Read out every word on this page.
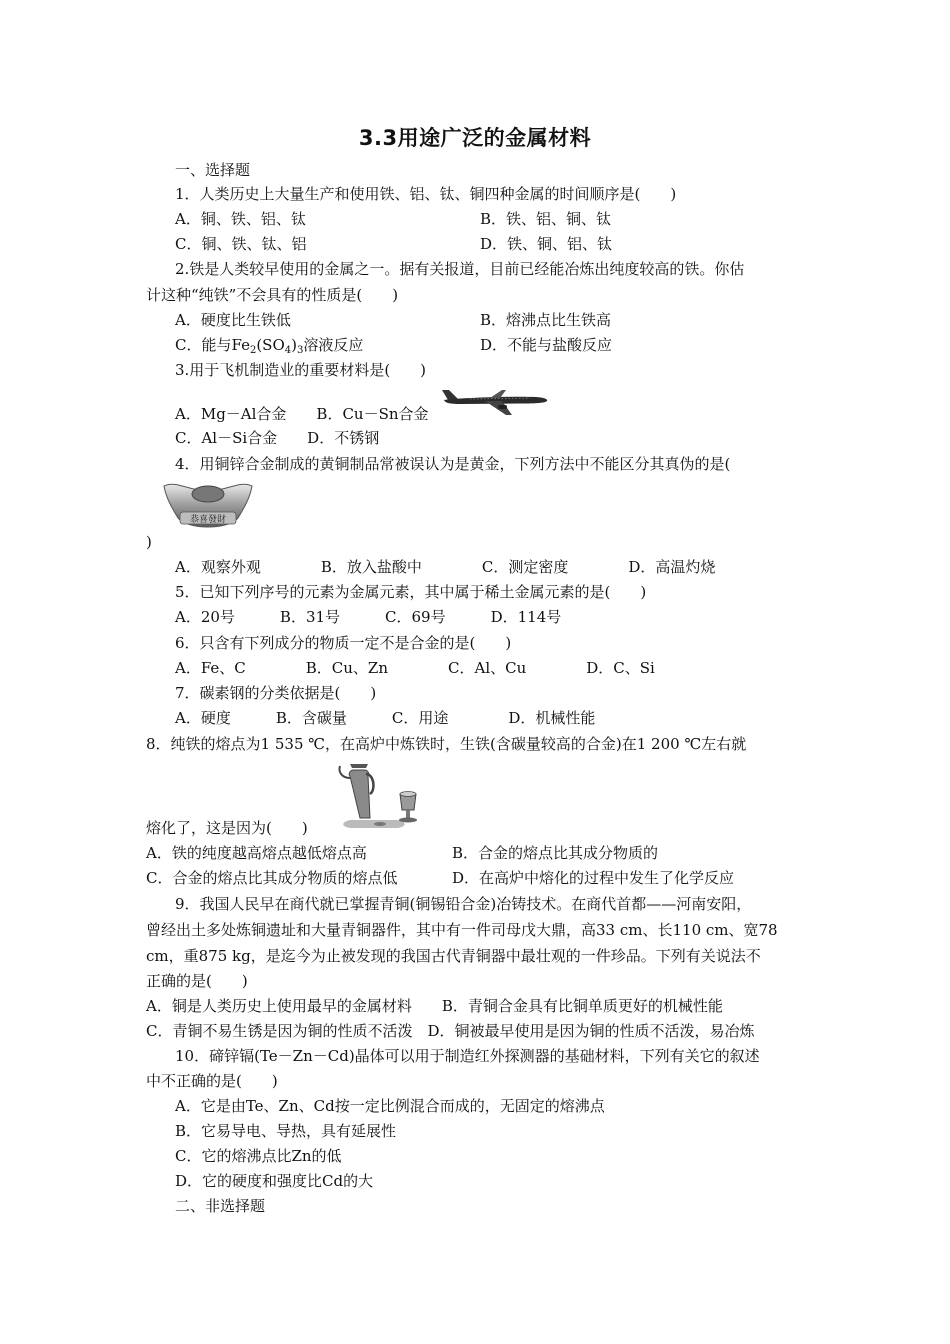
3.3用途广泛的金属材料
一、选择题
1．人类历史上大量生产和使用铁、铝、钛、铜四种金属的时间顺序是(　　)
A．铜、铁、铝、钛	B．铁、铝、铜、钛
C．铜、铁、钛、铝	D．铁、铜、铝、钛
2.铁是人类较早使用的金属之一。据有关报道，目前已经能冶炼出纯度较高的铁。你估
计这种“纯铁”不会具有的性质是(　　)
A．硬度比生铁低	B．熔沸点比生铁高
C．能与$Fe_2(SO_4)_3$溶液反应	D．不能与盐酸反应
3.用于飞机制造业的重要材料是(　　)
A．Mg－Al合金　　B．Cu－Sn合金
C．Al－Si合金　　D．不锈钢
4．用铜锌合金制成的黄铜制品常被误认为是黄金，下列方法中不能区分其真伪的是(
恭喜發財
)
A．观察外观　　　　B．放入盐酸中　　　　C．测定密度　　　　D．高温灼烧
5．已知下列序号的元素为金属元素，其中属于稀土金属元素的是(　　)
A．20号　　　B．31号　　　C．69号　　　D．114号
6．只含有下列成分的物质一定不是合金的是(　　)
A．Fe、C　　　　B．Cu、Zn　　　　C．Al、Cu　　　　D．C、Si
7．碳素钢的分类依据是(　　)
A．硬度　　　B．含碳量　　　C．用途　　　　D．机械性能
8．纯铁的熔点为1 535 ℃，在高炉中炼铁时，生铁(含碳量较高的合金)在1 200 ℃左右就
熔化了，这是因为(　　)
A．铁的纯度越高熔点越低熔点高	B．合金的熔点比其成分物质的
C．合金的熔点比其成分物质的熔点低	D．在高炉中熔化的过程中发生了化学反应
9．我国人民早在商代就已掌握青铜(铜锡铅合金)冶铸技术。在商代首都——河南安阳，
曾经出土多处炼铜遗址和大量青铜器件，其中有一件司母戊大鼎，高33 cm、长110 cm、宽78
cm，重875 kg，是迄今为止被发现的我国古代青铜器中最壮观的一件珍品。下列有关说法不
正确的是(　　)
A．铜是人类历史上使用最早的金属材料　　B．青铜合金具有比铜单质更好的机械性能
C．青铜不易生锈是因为铜的性质不活泼　D．铜被最早使用是因为铜的性质不活泼，易冶炼
10．碲锌镉(Te－Zn－Cd)晶体可以用于制造红外探测器的基础材料，下列有关它的叙述
中不正确的是(　　)
A．它是由Te、Zn、Cd按一定比例混合而成的，无固定的熔沸点
B．它易导电、导热，具有延展性
C．它的熔沸点比Zn的低
D．它的硬度和强度比Cd的大
二、非选择题
